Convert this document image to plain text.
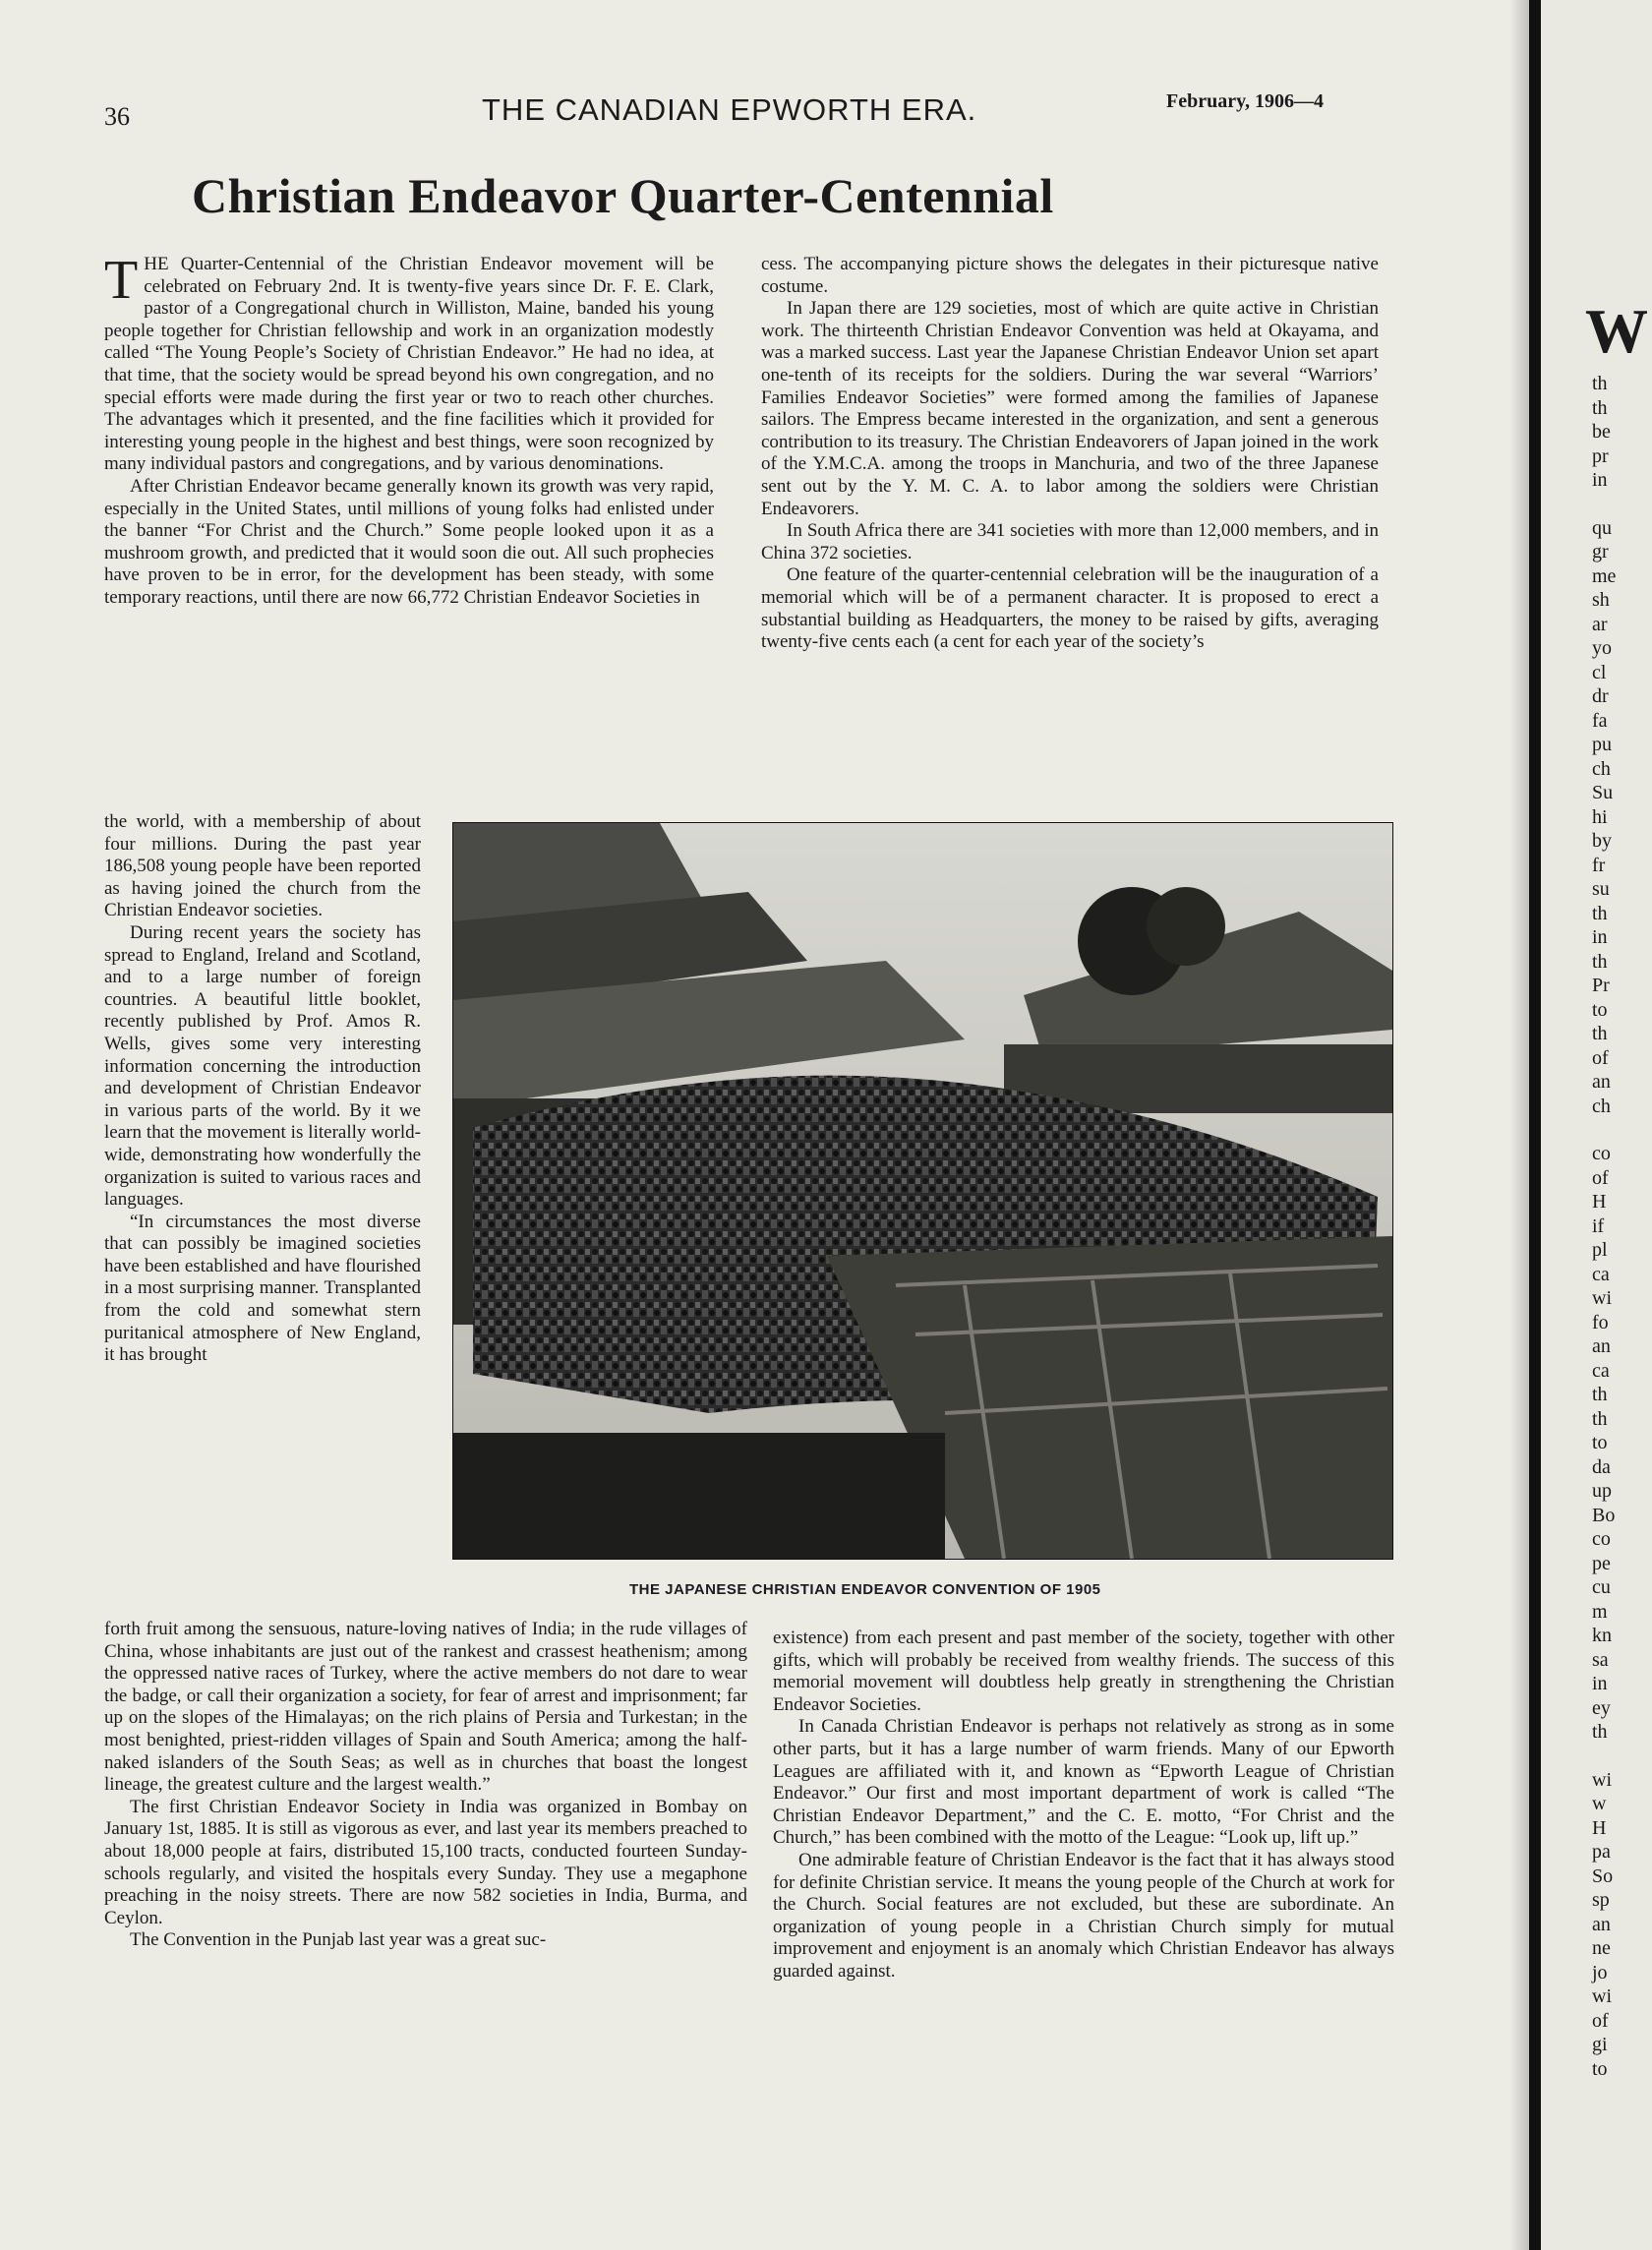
W
th
th
be
pr
in
qu
gr
me
sh
ar
yo
cl
dr
fa
pu
ch
Su
hi
by
fr
su
th
in
th
Pr
to
th
of
an
ch
co
of
H
if
pl
ca
wi
fo
an
ca
th
th
to
da
up
Bo
co
pe
cu
m
kn
sa
in
ey
th
wi
w
H
pa
So
sp
an
ne
jo
wi
of
gi
to
36	THE CANADIAN EPWORTH ERA.	February, 1906—4
Christian Endeavor Quarter-Centennial

THE Quarter-Centennial of the Christian Endeavor movement will be celebrated on February 2nd. It is twenty-five years since Dr. F. E. Clark, pastor of a Congregational church in Williston, Maine, banded his young people together for Christian fellowship and work in an organization modestly called “The Young People’s Society of Christian Endeavor.” He had no idea, at that time, that the society would be spread beyond his own congregation, and no special efforts were made during the first year or two to reach other churches. The advantages which it presented, and the fine facilities which it provided for interesting young people in the highest and best things, were soon recognized by many individual pastors and congregations, and by various denominations.

After Christian Endeavor became generally known its growth was very rapid, especially in the United States, until millions of young folks had enlisted under the banner “For Christ and the Church.” Some people looked upon it as a mushroom growth, and predicted that it would soon die out. All such prophecies have proven to be in error, for the development has been steady, with some temporary reactions, until there are now 66,772 Christian Endeavor Societies in

the world, with a membership of about four millions. During the past year 186,508 young people have been reported as having joined the church from the Christian Endeavor societies.

During recent years the society has spread to England, Ireland and Scotland, and to a large number of foreign countries. A beautiful little booklet, recently published by Prof. Amos R. Wells, gives some very interesting information concerning the introduction and development of Christian Endeavor in various parts of the world. By it we learn that the movement is literally world-wide, demonstrating how wonderfully the organization is suited to various races and languages.

“In circumstances the most diverse that can possibly be imagined societies have been established and have flourished in a most surprising manner. Transplanted from the cold and somewhat stern puritanical atmosphere of New England, it has brought

forth fruit among the sensuous, nature-loving natives of India; in the rude villages of China, whose inhabitants are just out of the rankest and crassest heathenism; among the oppressed native races of Turkey, where the active members do not dare to wear the badge, or call their organization a society, for fear of arrest and imprisonment; far up on the slopes of the Himalayas; on the rich plains of Persia and Turkestan; in the most benighted, priest-ridden villages of Spain and South America; among the half-naked islanders of the South Seas; as well as in churches that boast the longest lineage, the greatest culture and the largest wealth.”

The first Christian Endeavor Society in India was organized in Bombay on January 1st, 1885. It is still as vigorous as ever, and last year its members preached to about 18,000 people at fairs, distributed 15,100 tracts, conducted fourteen Sunday-schools regularly, and visited the hospitals every Sunday. They use a megaphone preaching in the noisy streets. There are now 582 societies in India, Burma, and Ceylon.

The Convention in the Punjab last year was a great suc-

cess. The accompanying picture shows the delegates in their picturesque native costume.

In Japan there are 129 societies, most of which are quite active in Christian work. The thirteenth Christian Endeavor Convention was held at Okayama, and was a marked success. Last year the Japanese Christian Endeavor Union set apart one-tenth of its receipts for the soldiers. During the war several “Warriors’ Families Endeavor Societies” were formed among the families of Japanese sailors. The Empress became interested in the organization, and sent a generous contribution to its treasury. The Christian Endeavorers of Japan joined in the work of the Y.M.C.A. among the troops in Manchuria, and two of the three Japanese sent out by the Y. M. C. A. to labor among the soldiers were Christian Endeavorers.

In South Africa there are 341 societies with more than 12,000 members, and in China 372 societies.

One feature of the quarter-centennial celebration will be the inauguration of a memorial which will be of a permanent character. It is proposed to erect a substantial building as Headquarters, the money to be raised by gifts, averaging twenty-five cents each (a cent for each year of the society’s

THE JAPANESE CHRISTIAN ENDEAVOR CONVENTION OF 1905

existence) from each present and past member of the society, together with other gifts, which will probably be received from wealthy friends. The success of this memorial movement will doubtless help greatly in strengthening the Christian Endeavor Societies.

In Canada Christian Endeavor is perhaps not relatively as strong as in some other parts, but it has a large number of warm friends. Many of our Epworth Leagues are affiliated with it, and known as “Epworth League of Christian Endeavor.” Our first and most important department of work is called “The Christian Endeavor Department,” and the C. E. motto, “For Christ and the Church,” has been combined with the motto of the League: “Look up, lift up.”

One admirable feature of Christian Endeavor is the fact that it has always stood for definite Christian service. It means the young people of the Church at work for the Church. Social features are not excluded, but these are subordinate. An organization of young people in a Christian Church simply for mutual improvement and enjoyment is an anomaly which Christian Endeavor has always guarded against.
